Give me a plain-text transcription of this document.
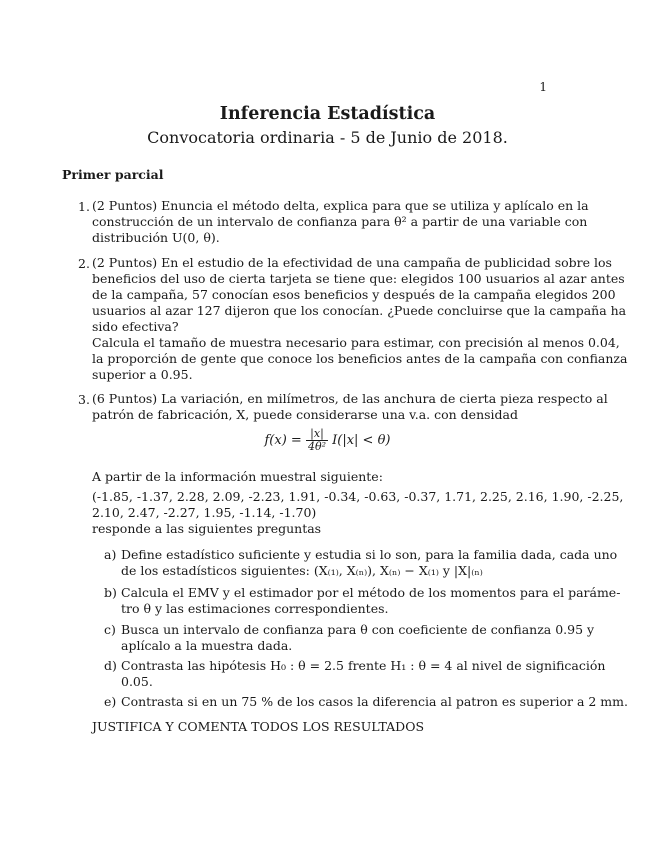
1
Inferencia Estadística
Convocatoria ordinaria - 5 de Junio de 2018.
Primer parcial
1. (2 Puntos) Enuncia el método delta, explica para que se utiliza y aplícalo en la
construcción de un intervalo de confianza para θ² a partir de una variable con
distribución U(0, θ).
2. (2 Puntos) En el estudio de la efectividad de una campaña de publicidad sobre los
beneficios del uso de cierta tarjeta se tiene que: elegidos 100 usuarios al azar antes
de la campaña, 57 conocían esos beneficios y después de la campaña elegidos 200
usuarios al azar 127 dijeron que los conocían. ¿Puede concluirse que la campaña ha
sido efectiva?
Calcula el tamaño de muestra necesario para estimar, con precisión al menos 0.04,
la proporción de gente que conoce los beneficios antes de la campaña con confianza
superior a 0.95.
3. (6 Puntos) La variación, en milímetros, de las anchura de cierta pieza respecto al
patrón de fabricación, X, puede considerarse una v.a. con densidad
$f(x) = \frac{|x|}{\text{4θ²}} I(|x| < \theta)$
A partir de la información muestral siguiente:
(-1.85, -1.37, 2.28, 2.09, -2.23, 1.91, -0.34, -0.63, -0.37, 1.71, 2.25, 2.16, 1.90, -2.25,
2.10, 2.47, -2.27, 1.95, -1.14, -1.70)
responde a las siguientes preguntas
a) Define estadístico suficiente y estudia si lo son, para la familia dada, cada uno
de los estadísticos siguientes: (X₍₁₎, X₍ₙ₎), X₍ₙ₎ − X₍₁₎ y |X|₍ₙ₎
b) Calcula el EMV y el estimador por el método de los momentos para el paráme-
tro θ y las estimaciones correspondientes.
c) Busca un intervalo de confianza para θ con coeficiente de confianza 0.95 y
aplícalo a la muestra dada.
d) Contrasta las hipótesis H₀ : θ = 2.5 frente H₁ : θ = 4 al nivel de significación
0.05.
e) Contrasta si en un 75 % de los casos la diferencia al patron es superior a 2 mm.
JUSTIFICA Y COMENTA TODOS LOS RESULTADOS
